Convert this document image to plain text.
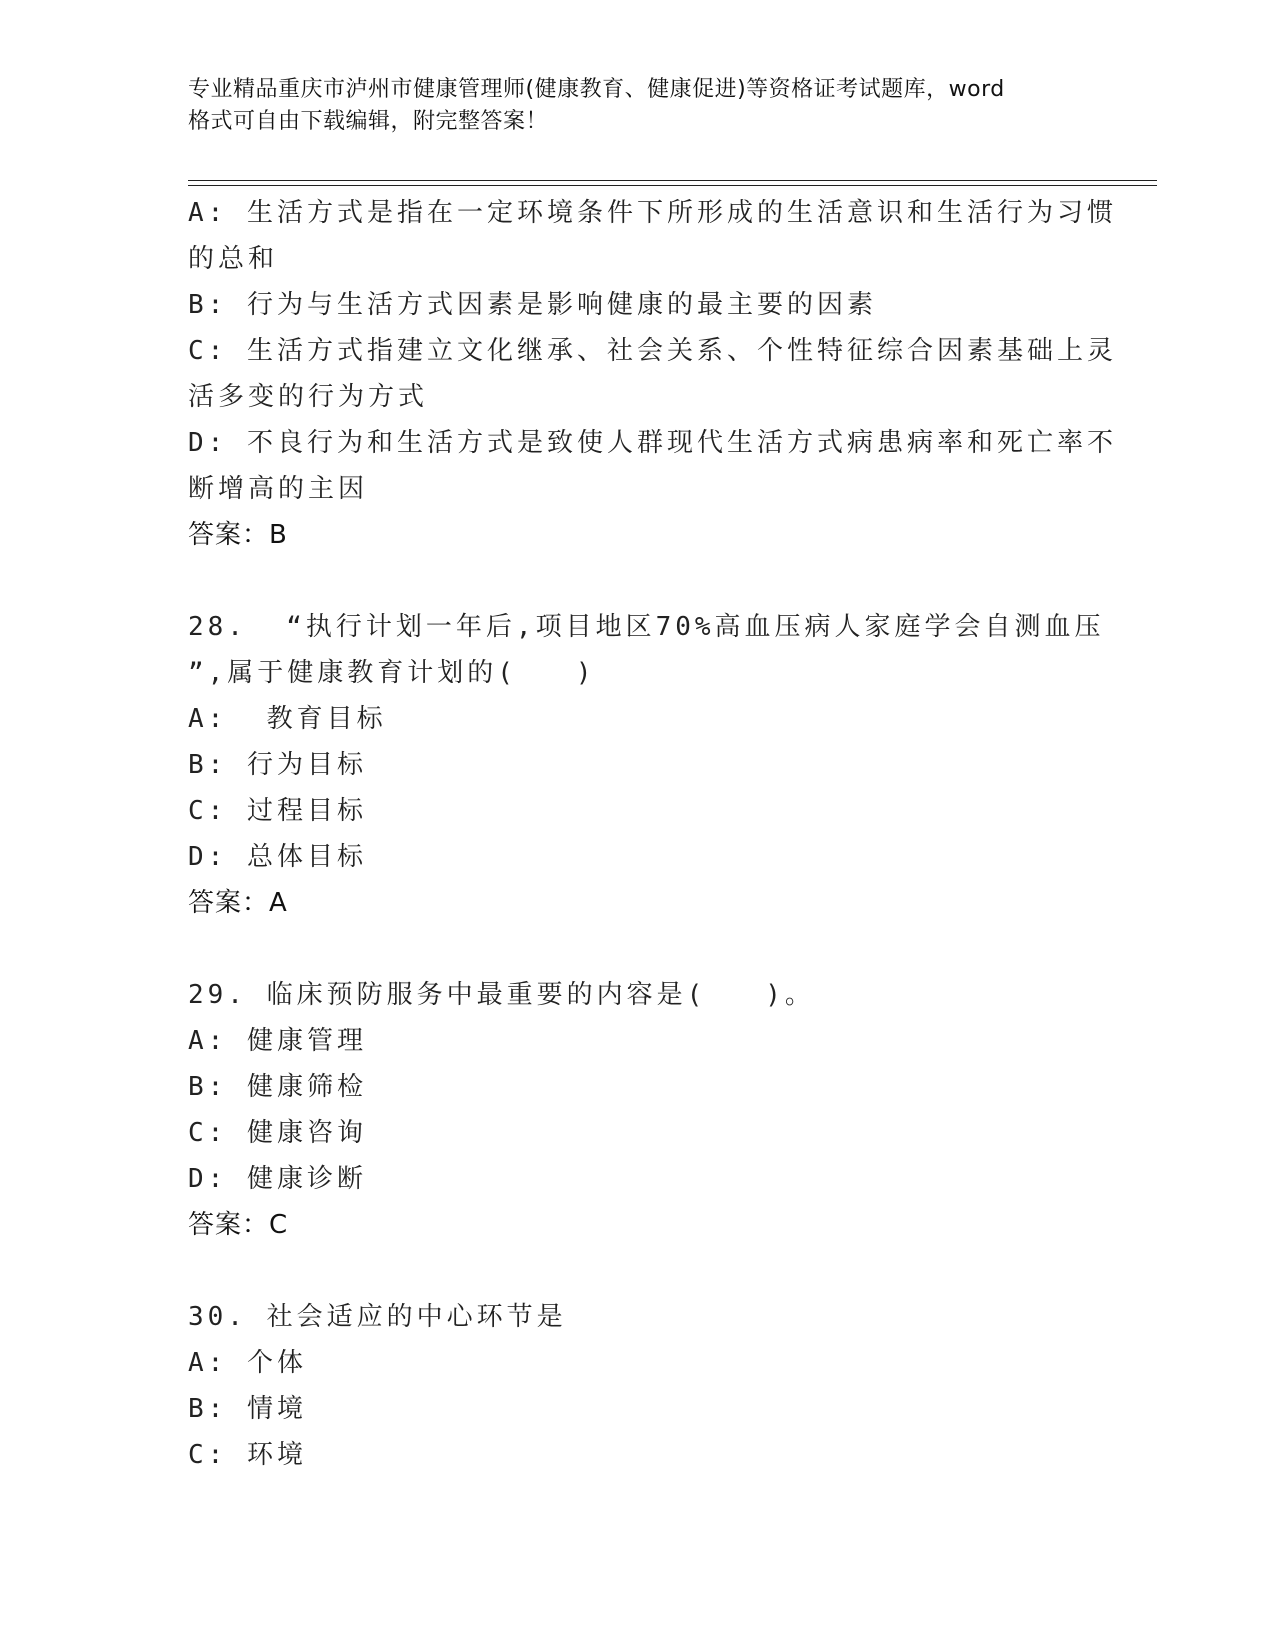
专业精品重庆市泸州市健康管理师(健康教育、健康促进)等资格证考试题库，word
格式可自由下载编辑，附完整答案！
A: 生活方式是指在一定环境条件下所形成的生活意识和生活行为习惯
的总和
B: 行为与生活方式因素是影响健康的最主要的因素
C: 生活方式指建立文化继承、社会关系、个性特征综合因素基础上灵
活多变的行为方式
D: 不良行为和生活方式是致使人群现代生活方式病患病率和死亡率不
断增高的主因
答案：B
28.  “执行计划一年后,项目地区70%高血压病人家庭学会自测血压
”,属于健康教育计划的(   )
A:  教育目标
B: 行为目标
C: 过程目标
D: 总体目标
答案：A
29. 临床预防服务中最重要的内容是(   )。
A: 健康管理
B: 健康筛检
C: 健康咨询
D: 健康诊断
答案：C
30. 社会适应的中心环节是
A: 个体
B: 情境
C: 环境
